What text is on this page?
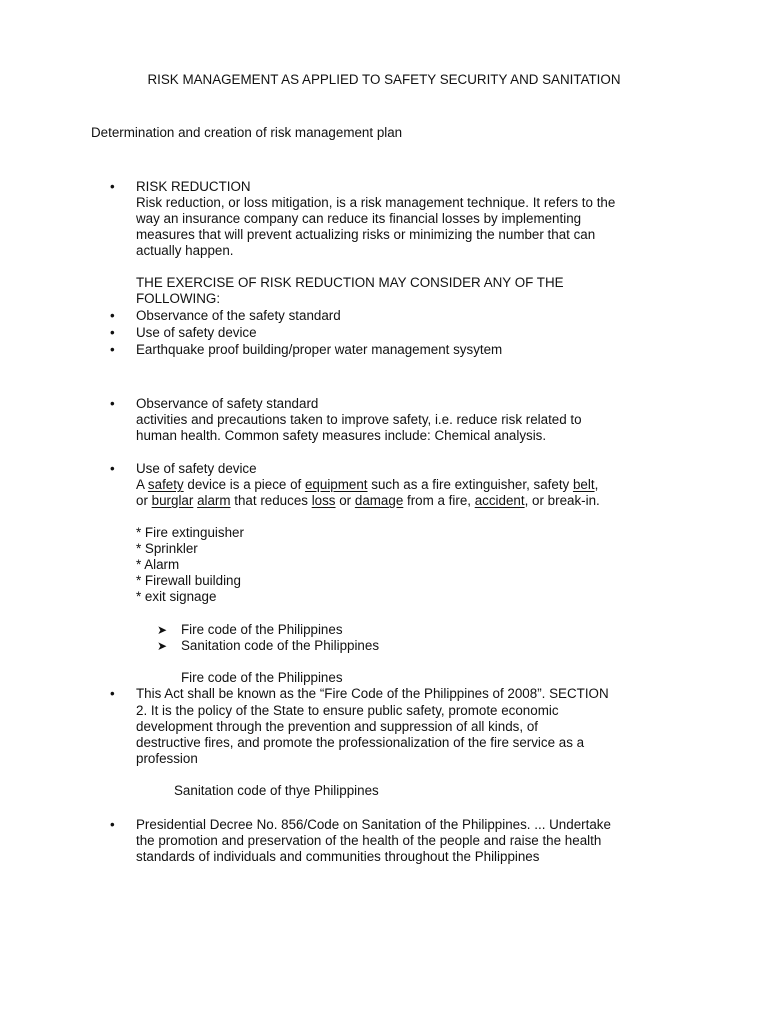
RISK MANAGEMENT AS APPLIED TO SAFETY SECURITY AND SANITATION
Determination and creation of risk management plan
• RISK REDUCTION
Risk reduction, or loss mitigation, is a risk management technique. It refers to the
way an insurance company can reduce its financial losses by implementing
measures that will prevent actualizing risks or minimizing the number that can
actually happen.
THE EXERCISE OF RISK REDUCTION MAY CONSIDER ANY OF THE
FOLLOWING:
• Observance of the safety standard
• Use of safety device
• Earthquake proof building/proper water management sysytem
• Observance of safety standard
activities and precautions taken to improve safety, i.e. reduce risk related to
human health. Common safety measures include: Chemical analysis.
• Use of safety device
A safety device is a piece of equipment such as a fire extinguisher, safety belt,
or burglar alarm that reduces loss or damage from a fire, accident, or break-in.
* Fire extinguisher
* Sprinkler
* Alarm
* Firewall building
* exit signage
➤ Fire code of the Philippines
➤ Sanitation code of the Philippines
Fire code of the Philippines
• This Act shall be known as the “Fire Code of the Philippines of 2008”. SECTION
2. It is the policy of the State to ensure public safety, promote economic
development through the prevention and suppression of all kinds, of
destructive fires, and promote the professionalization of the fire service as a
profession
Sanitation code of thye Philippines
• Presidential Decree No. 856/Code on Sanitation of the Philippines. ... Undertake
the promotion and preservation of the health of the people and raise the health
standards of individuals and communities throughout the Philippines
